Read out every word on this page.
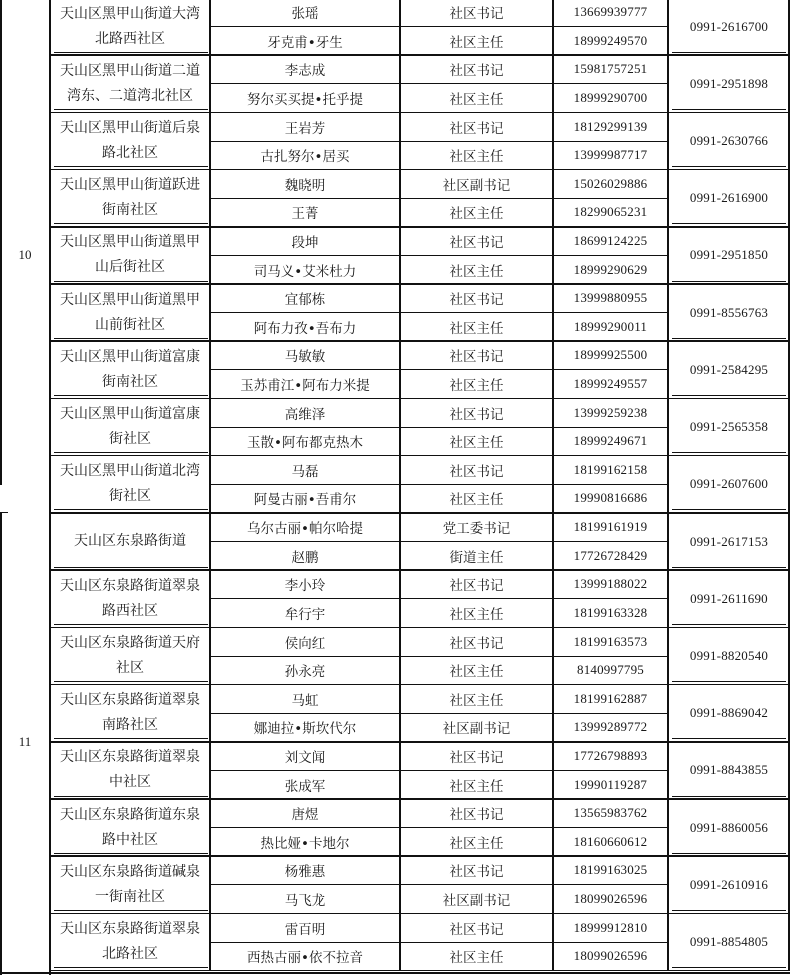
10
天山区黑甲山街道大湾北路西社区
0991-2616700
张瑶	社区书记	13669939777
牙克甫•牙生	社区主任	18999249570
天山区黑甲山街道二道湾东、二道湾北社区
0991-2951898
李志成	社区书记	15981757251
努尔买买提•托乎提	社区主任	18999290700
天山区黑甲山街道后泉路北社区
0991-2630766
王岩芳	社区书记	18129299139
古扎努尔•居买	社区主任	13999987717
天山区黑甲山街道跃进街南社区
0991-2616900
魏晓明	社区副书记	15026029886
王菁	社区主任	18299065231
天山区黑甲山街道黑甲山后街社区
0991-2951850
段坤	社区书记	18699124225
司马义•艾米杜力	社区主任	18999290629
天山区黑甲山街道黑甲山前街社区
0991-8556763
宜郁栋	社区书记	13999880955
阿布力孜•吾布力	社区主任	18999290011
天山区黑甲山街道富康街南社区
0991-2584295
马敏敏	社区书记	18999925500
玉苏甫江•阿布力米提	社区主任	18999249557
天山区黑甲山街道富康街社区
0991-2565358
高维泽	社区书记	13999259238
玉散•阿布都克热木	社区主任	18999249671
天山区黑甲山街道北湾街社区
0991-2607600
马磊	社区书记	18199162158
阿曼古丽•吾甫尔	社区主任	19990816686
11
天山区东泉路街道	0991-2617153
乌尔古丽•帕尔哈提	党工委书记	18199161919
赵鹏	街道主任	17726728429
天山区东泉路街道翠泉路西社区
0991-2611690
李小玲	社区书记	13999188022
牟行宇	社区主任	18199163328
天山区东泉路街道天府社区
0991-8820540
侯向红	社区书记	18199163573
孙永亮	社区主任	8140997795
天山区东泉路街道翠泉南路社区
0991-8869042
马虹	社区主任	18199162887
娜迪拉•斯坎代尔	社区副书记	13999289772
天山区东泉路街道翠泉中社区
0991-8843855
刘文闻	社区书记	17726798893
张成军	社区主任	19990119287
天山区东泉路街道东泉路中社区
0991-8860056
唐煜	社区书记	13565983762
热比娅•卡地尔	社区主任	18160660612
天山区东泉路街道碱泉一街南社区
0991-2610916
杨雅惠	社区书记	18199163025
马飞龙	社区副书记	18099026596
天山区东泉路街道翠泉北路社区
0991-8854805
雷百明	社区书记	18999912810
西热古丽•依不拉音	社区主任	18099026596
